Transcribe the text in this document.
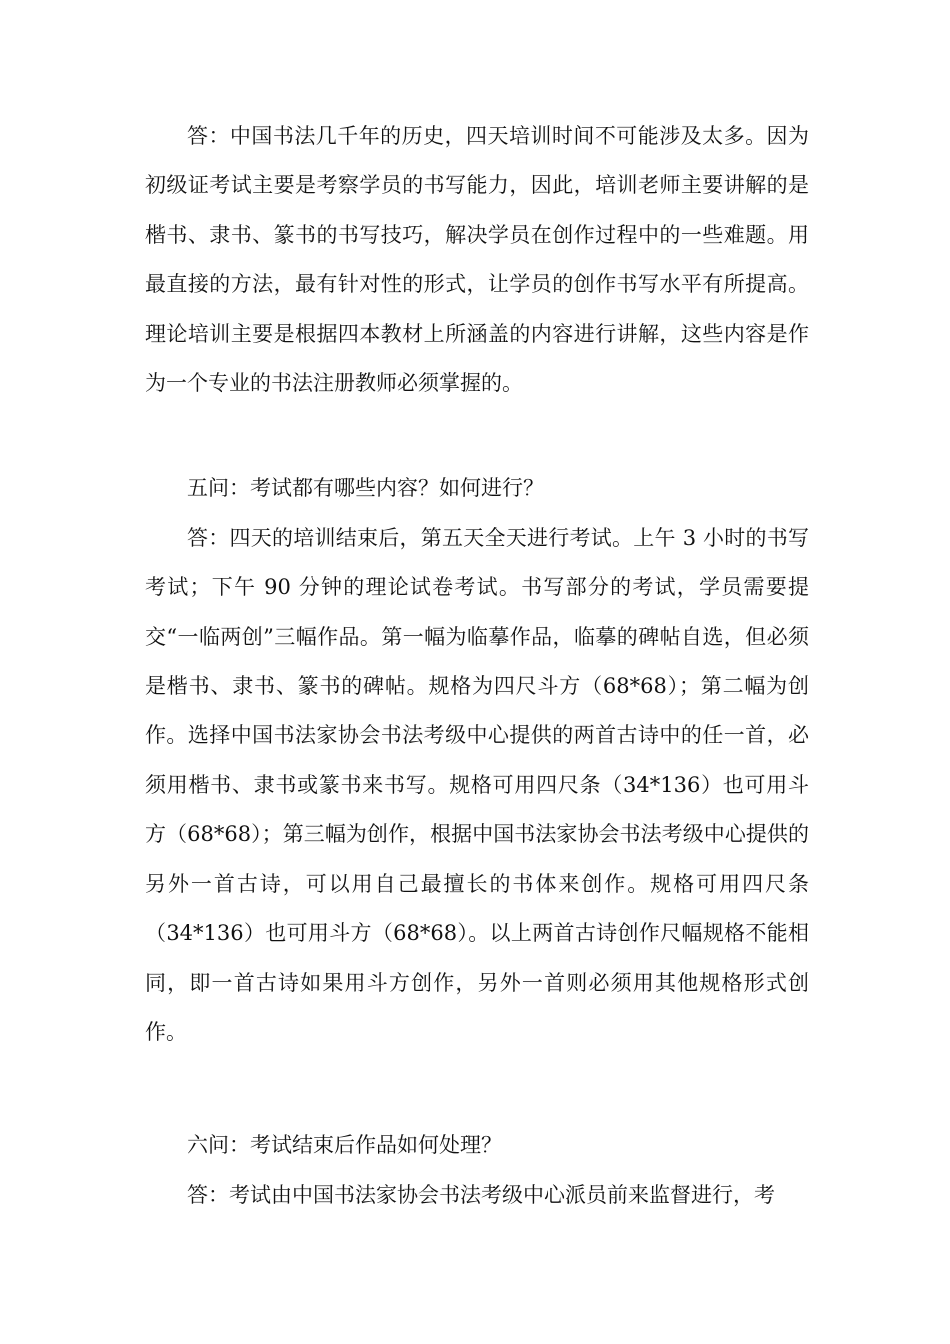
答：中国书法几千年的历史，四天培训时间不可能涉及太多。因为初级证考试主要是考察学员的书写能力，因此，培训老师主要讲解的是楷书、隶书、篆书的书写技巧，解决学员在创作过程中的一些难题。用最直接的方法，最有针对性的形式，让学员的创作书写水平有所提高。理论培训主要是根据四本教材上所涵盖的内容进行讲解，这些内容是作为一个专业的书法注册教师必须掌握的。

五问：考试都有哪些内容？如何进行？

答：四天的培训结束后，第五天全天进行考试。上午 3 小时的书写考试；下午 90 分钟的理论试卷考试。书写部分的考试，学员需要提交“一临两创”三幅作品。第一幅为临摹作品，临摹的碑帖自选，但必须是楷书、隶书、篆书的碑帖。规格为四尺斗方（68*68）；第二幅为创作。选择中国书法家协会书法考级中心提供的两首古诗中的任一首，必须用楷书、隶书或篆书来书写。规格可用四尺条（34*136）也可用斗方（68*68）；第三幅为创作，根据中国书法家协会书法考级中心提供的另外一首古诗，可以用自己最擅长的书体来创作。规格可用四尺条（34*136）也可用斗方（68*68）。以上两首古诗创作尺幅规格不能相同，即一首古诗如果用斗方创作，另外一首则必须用其他规格形式创作。

六问：考试结束后作品如何处理？

答：考试由中国书法家协会书法考级中心派员前来监督进行，考
